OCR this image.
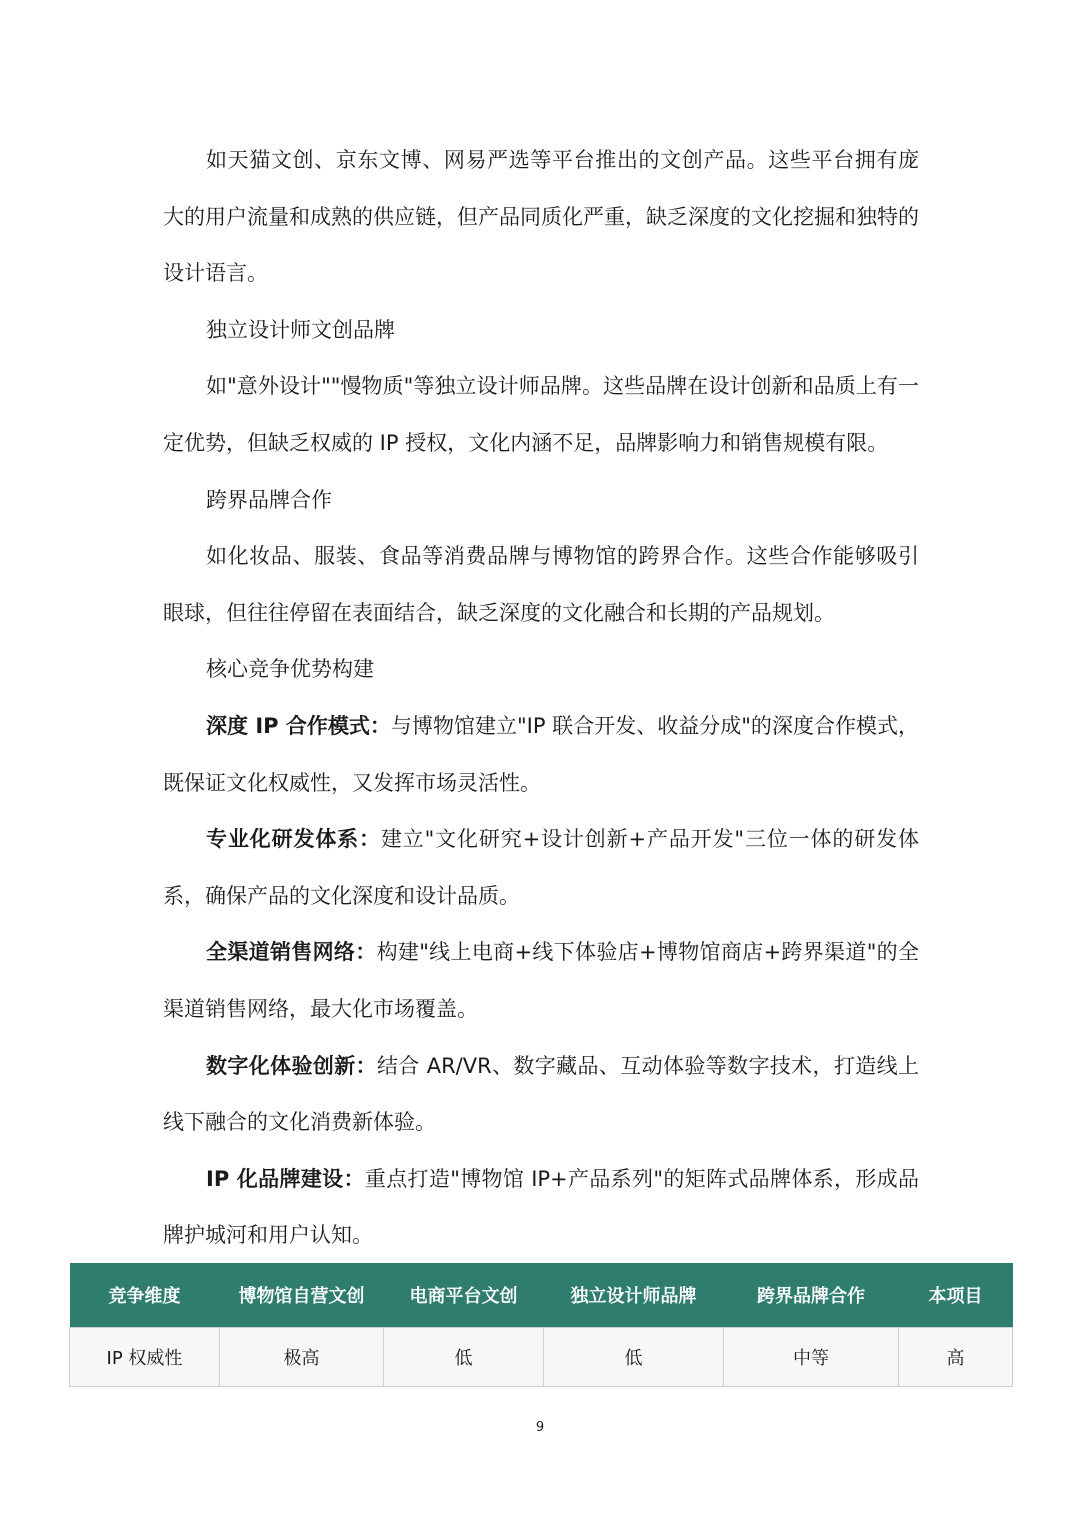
如天猫文创、京东文博、网易严选等平台推出的文创产品。这些平台拥有庞大的用户流量和成熟的供应链，但产品同质化严重，缺乏深度的文化挖掘和独特的设计语言。

独立设计师文创品牌

如"意外设计""慢物质"等独立设计师品牌。这些品牌在设计创新和品质上有一定优势，但缺乏权威的 IP 授权，文化内涵不足，品牌影响力和销售规模有限。

跨界品牌合作

如化妆品、服装、食品等消费品牌与博物馆的跨界合作。这些合作能够吸引眼球，但往往停留在表面结合，缺乏深度的文化融合和长期的产品规划。

核心竞争优势构建

深度 IP 合作模式：与博物馆建立"IP 联合开发、收益分成"的深度合作模式，既保证文化权威性，又发挥市场灵活性。

专业化研发体系：建立"文化研究+设计创新+产品开发"三位一体的研发体系，确保产品的文化深度和设计品质。

全渠道销售网络：构建"线上电商+线下体验店+博物馆商店+跨界渠道"的全渠道销售网络，最大化市场覆盖。

数字化体验创新：结合 AR/VR、数字藏品、互动体验等数字技术，打造线上线下融合的文化消费新体验。

IP 化品牌建设：重点打造"博物馆 IP+产品系列"的矩阵式品牌体系，形成品牌护城河和用户认知。

竞争维度	博物馆自营文创	电商平台文创	独立设计师品牌	跨界品牌合作	本项目
IP 权威性	极高	低	低	中等	高
9
